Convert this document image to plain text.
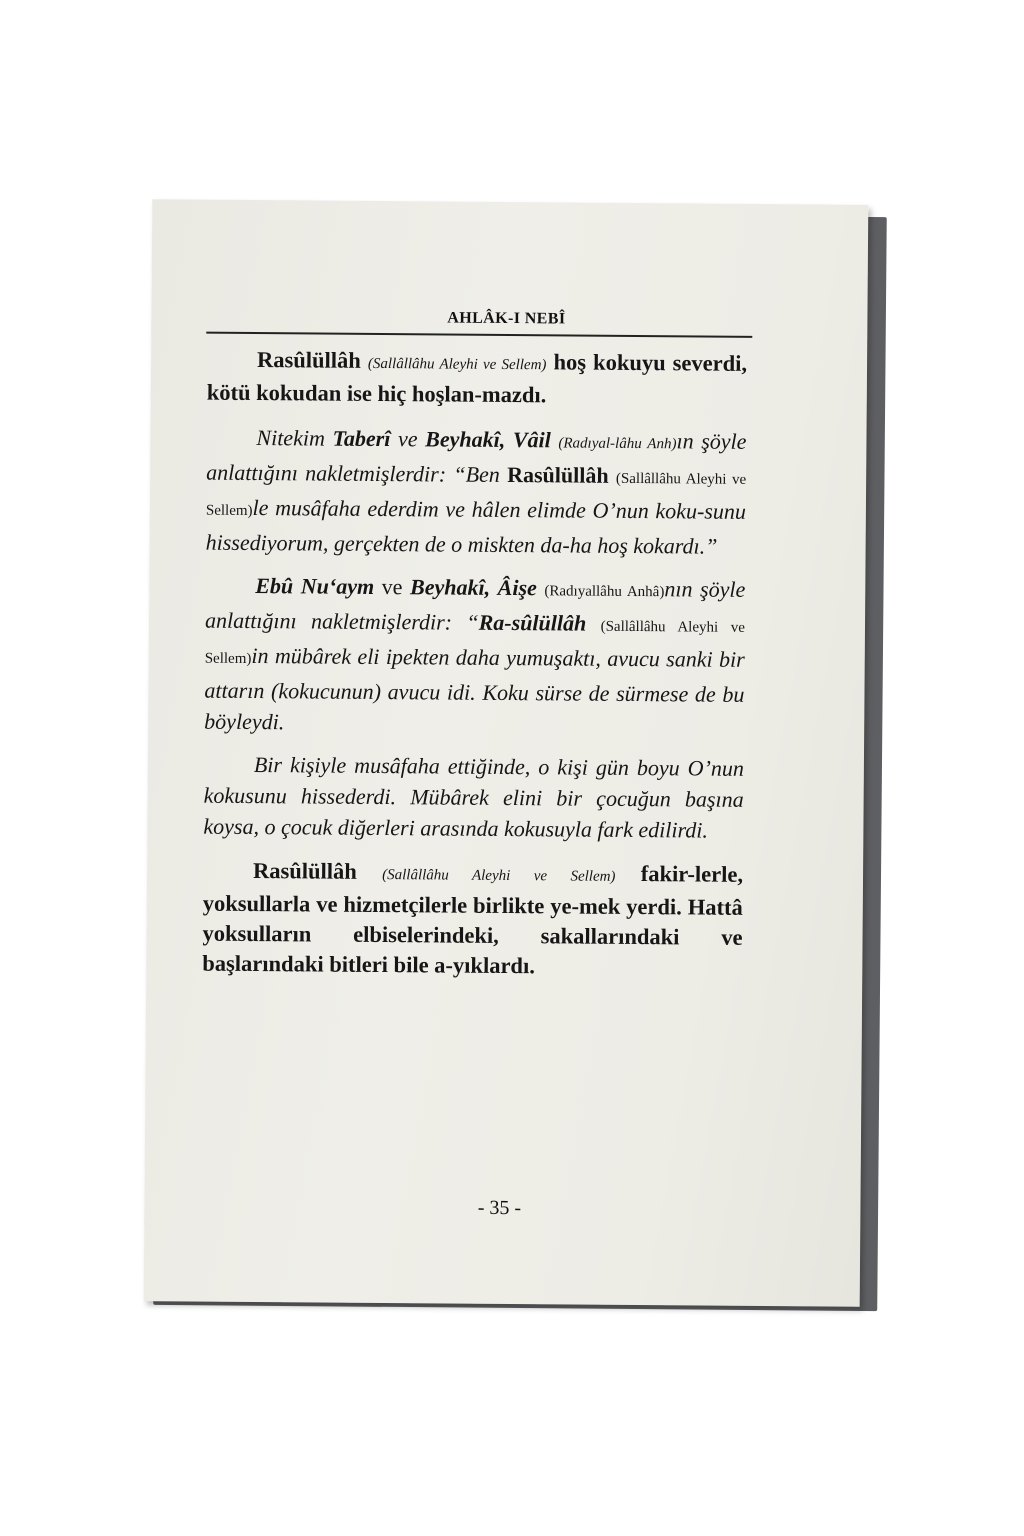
AHLÂK-I NEBÎ

Rasûlüllâh (Sallâllâhu Aleyhi ve Sellem) hoş kokuyu severdi, kötü kokudan ise hiç hoşlan-mazdı.

Nitekim Taberî ve Beyhakî, Vâil (Radıyal-lâhu Anh)ın şöyle anlattığını nakletmişlerdir: “Ben Rasûlüllâh (Sallâllâhu Aleyhi ve Sellem)le musâfaha ederdim ve hâlen elimde O’nun koku-sunu hissediyorum, gerçekten de o miskten da-ha hoş kokardı.”

Ebû Nu‘aym ve Beyhakî, Âişe (Radıyallâhu Anhâ)nın şöyle anlattığını nakletmişlerdir: “Ra-sûlüllâh (Sallâllâhu Aleyhi ve Sellem)in mübârek eli ipekten daha yumuşaktı, avucu sanki bir attarın (kokucunun) avucu idi. Koku sürse de sürmese de bu böyleydi.

Bir kişiyle musâfaha ettiğinde, o kişi gün boyu O’nun kokusunu hissederdi. Mübârek elini bir çocuğun başına koysa, o çocuk diğerleri arasında kokusuyla fark edilirdi.

Rasûlüllâh (Sallâllâhu Aleyhi ve Sellem) fakir-lerle, yoksullarla ve hizmetçilerle birlikte ye-mek yerdi. Hattâ yoksulların elbiselerindeki, sakallarındaki ve başlarındaki bitleri bile a-yıklardı.

- 35 -
